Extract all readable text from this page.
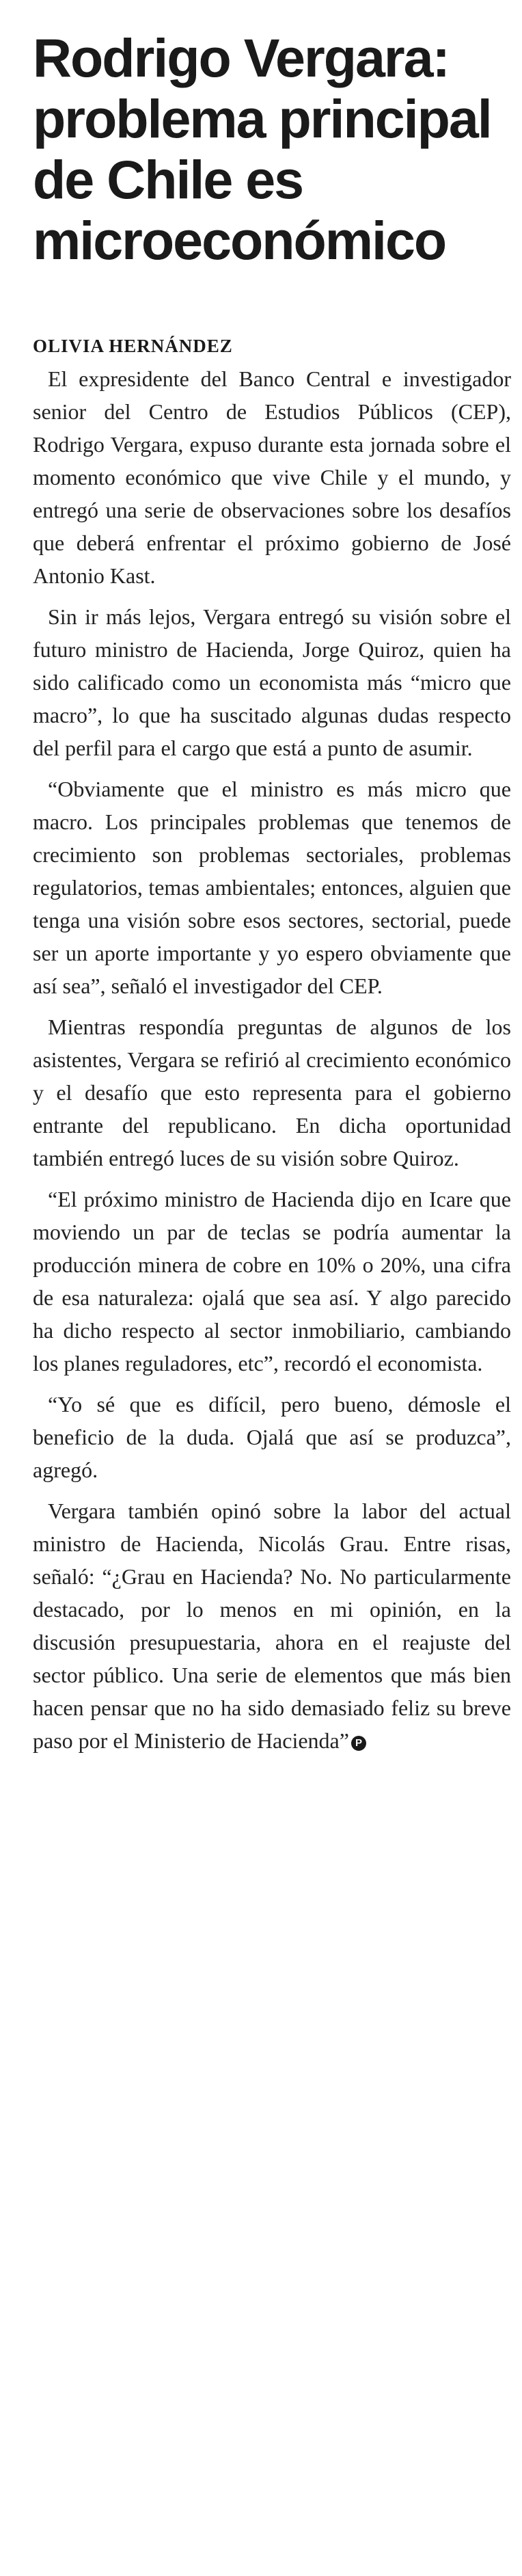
Rodrigo Vergara: problema principal de Chile es microeconómico
OLIVIA HERNÁNDEZ

El expresidente del Banco Central e investigador senior del Centro de Estudios Públicos (CEP), Rodrigo Vergara, expuso durante esta jornada sobre el momento económico que vive Chile y el mundo, y entregó una serie de observaciones sobre los desafíos que deberá enfrentar el próximo gobierno de José Antonio Kast.

Sin ir más lejos, Vergara entregó su visión sobre el futuro ministro de Hacienda, Jorge Quiroz, quien ha sido calificado como un economista más “micro que macro”, lo que ha suscitado algunas dudas respecto del perfil para el cargo que está a punto de asumir.

“Obviamente que el ministro es más micro que macro. Los principales problemas que tenemos de crecimiento son problemas sectoriales, problemas regulatorios, temas ambientales; entonces, alguien que tenga una visión sobre esos sectores, sectorial, puede ser un aporte importante y yo espero obviamente que así sea”, señaló el investigador del CEP.

Mientras respondía preguntas de algunos de los asistentes, Vergara se refirió al crecimiento económico y el desafío que esto representa para el gobierno entrante del republicano. En dicha oportunidad también entregó luces de su visión sobre Quiroz.

“El próximo ministro de Hacienda dijo en Icare que moviendo un par de teclas se podría aumentar la producción minera de cobre en 10% o 20%, una cifra de esa naturaleza: ojalá que sea así. Y algo parecido ha dicho respecto al sector inmobiliario, cambiando los planes reguladores, etc”, recordó el economista.

“Yo sé que es difícil, pero bueno, démosle el beneficio de la duda. Ojalá que así se produzca”, agregó.

Vergara también opinó sobre la labor del actual ministro de Hacienda, Nicolás Grau. Entre risas, señaló: “¿Grau en Hacienda? No. No particularmente destacado, por lo menos en mi opinión, en la discusión presupuestaria, ahora en el reajuste del sector público. Una serie de elementos que más bien hacen pensar que no ha sido demasiado feliz su breve paso por el Ministerio de Hacienda” P
